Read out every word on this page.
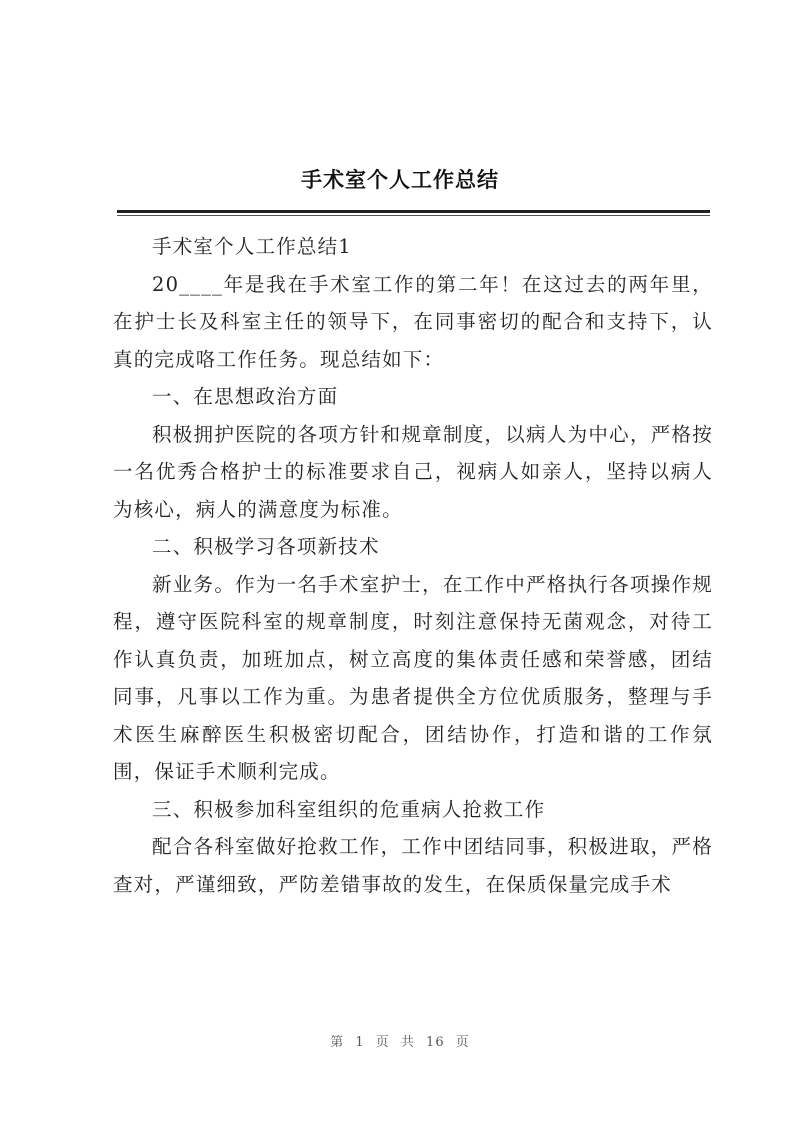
手术室个人工作总结

手术室个人工作总结1

20____年是我在手术室工作的第二年！在这过去的两年里，在护士长及科室主任的领导下，在同事密切的配合和支持下，认真的完成咯工作任务。现总结如下：

一、在思想政治方面

积极拥护医院的各项方针和规章制度，以病人为中心，严格按一名优秀合格护士的标准要求自己，视病人如亲人，坚持以病人为核心，病人的满意度为标准。

二、积极学习各项新技术

新业务。作为一名手术室护士，在工作中严格执行各项操作规程，遵守医院科室的规章制度，时刻注意保持无菌观念，对待工作认真负责，加班加点，树立高度的集体责任感和荣誉感，团结同事，凡事以工作为重。为患者提供全方位优质服务，整理与手术医生麻醉医生积极密切配合，团结协作，打造和谐的工作氛围，保证手术顺利完成。

三、积极参加科室组织的危重病人抢救工作

配合各科室做好抢救工作，工作中团结同事，积极进取，严格查对，严谨细致，严防差错事故的发生，在保质保量完成手术

第 1 页 共 16 页
